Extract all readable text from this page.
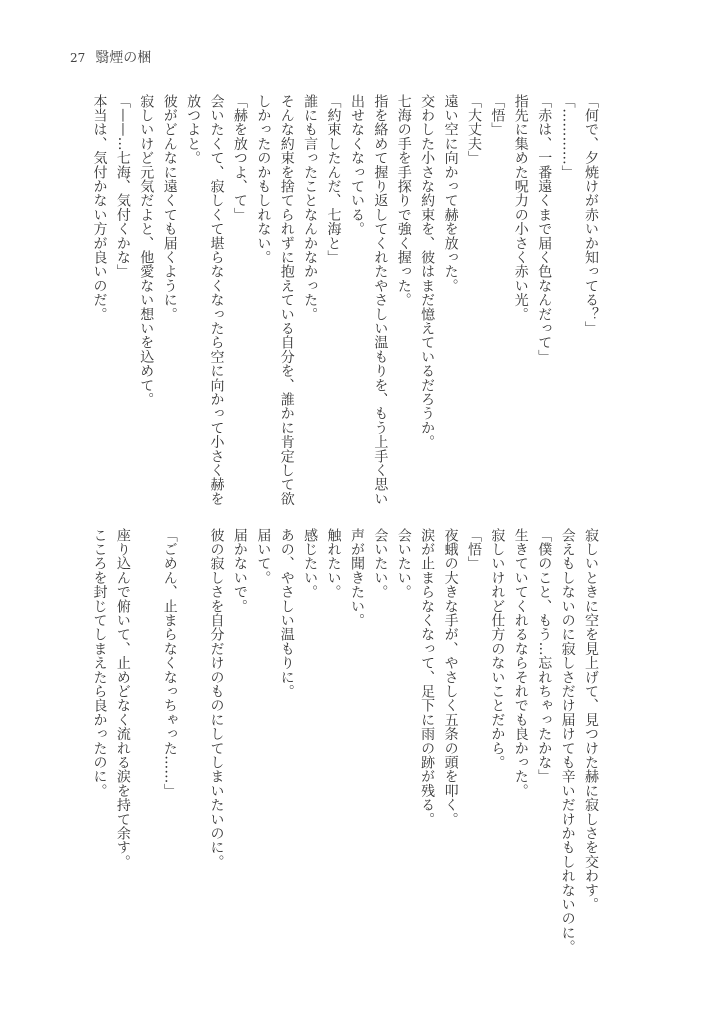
27 翳煙の梱
「何で、夕焼けが赤いか知ってる？」
「…………」
「赤は、一番遠くまで届く色なんだって」
指先に集めた呪力の小さく赤い光。
「悟」
「大丈夫」
遠い空に向かって赫を放った。
交わした小さな約束を、彼はまだ憶えているだろうか。
七海の手を手探りで強く握った。
指を絡めて握り返してくれたやさしい温もりを、もう上手く思い
出せなくなっている。
「約束したんだ、七海と」
誰にも言ったことなんかなかった。
そんな約束を捨てられずに抱えている自分を、誰かに肯定して欲
しかったのかもしれない。
「赫を放つよ、て」
会いたくて、寂しくて堪らなくなったら空に向かって小さく赫を
放つよと。
彼がどんなに遠くても届くように。
寂しいけど元気だよと、他愛ない想いを込めて。
「——…七海、気付くかな」
本当は、気付かない方が良いのだ。
寂しいときに空を見上げて、見つけた赫に寂しさを交わす。
会えもしないのに寂しさだけ届けても辛いだけかもしれないのに。
「僕のこと、もう…忘れちゃったかな」
生きていてくれるならそれでも良かった。
寂しいけれど仕方のないことだから。
「悟」
夜蛾の大きな手が、やさしく五条の頭を叩く。
涙が止まらなくなって、足下に雨の跡が残る。
会いたい。
会いたい。
声が聞きたい。
触れたい。
感じたい。
あの、やさしい温もりに。
届いて。
届かないで。
彼の寂しさを自分だけのものにしてしまいたいのに。
「ごめん、止まらなくなっちゃった……」
座り込んで俯いて、止めどなく流れる涙を持て余す。
こころを封じてしまえたら良かったのに。
